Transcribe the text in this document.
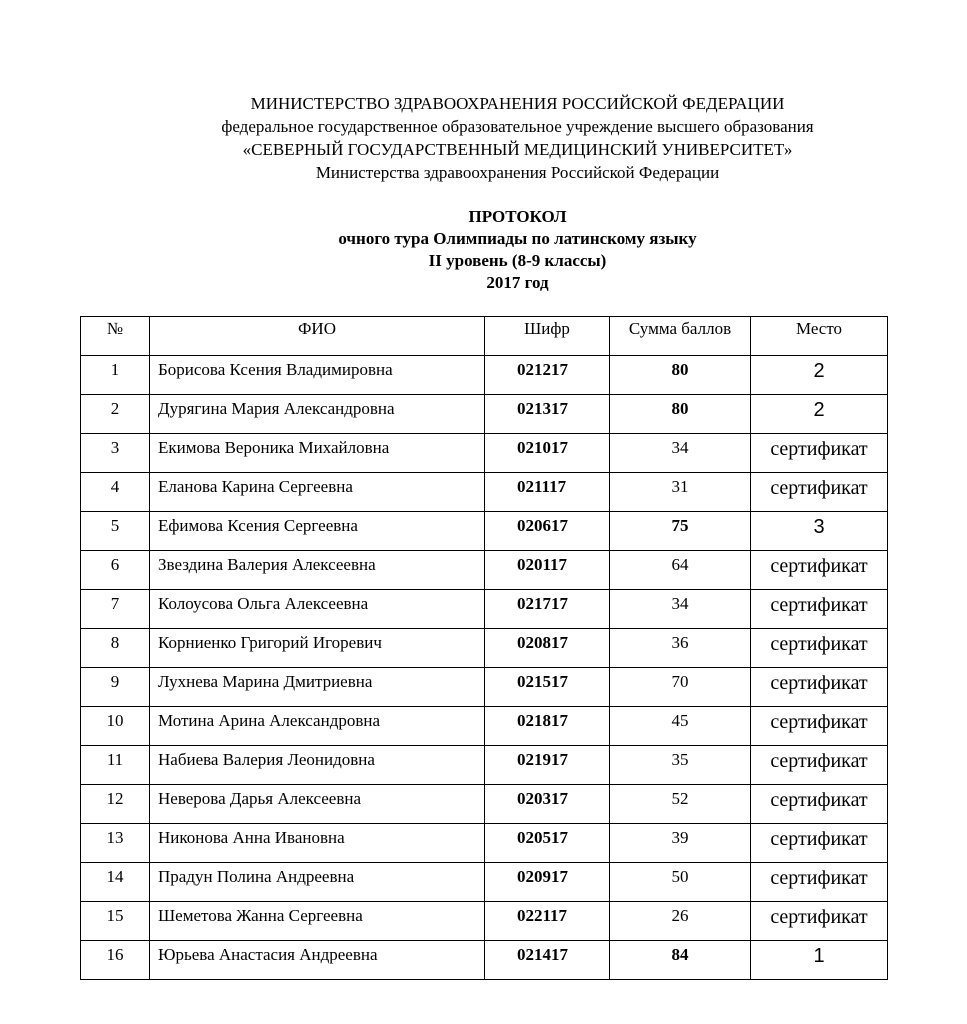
МИНИСТЕРСТВО ЗДРАВООХРАНЕНИЯ РОССИЙСКОЙ ФЕДЕРАЦИИ
федеральное государственное образовательное учреждение высшего образования
«СЕВЕРНЫЙ ГОСУДАРСТВЕННЫЙ МЕДИЦИНСКИЙ УНИВЕРСИТЕТ»
Министерства здравоохранения Российской Федерации
ПРОТОКОЛ
очного тура Олимпиады по латинскому языку
II уровень (8-9 классы)
2017 год
№	ФИО	Шифр	Сумма баллов	Место
1	Борисова Ксения Владимировна	021217	80	2
2	Дурягина Мария Александровна	021317	80	2
3	Екимова Вероника Михайловна	021017	34	сертификат
4	Еланова Карина Сергеевна	021117	31	сертификат
5	Ефимова Ксения Сергеевна	020617	75	3
6	Звездина Валерия Алексеевна	020117	64	сертификат
7	Колоусова Ольга Алексеевна	021717	34	сертификат
8	Корниенко Григорий Игоревич	020817	36	сертификат
9	Лухнева Марина Дмитриевна	021517	70	сертификат
10	Мотина Арина Александровна	021817	45	сертификат
11	Набиева Валерия Леонидовна	021917	35	сертификат
12	Неверова Дарья Алексеевна	020317	52	сертификат
13	Никонова Анна Ивановна	020517	39	сертификат
14	Прадун Полина Андреевна	020917	50	сертификат
15	Шеметова Жанна Сергеевна	022117	26	сертификат
16	Юрьева Анастасия Андреевна	021417	84	1
